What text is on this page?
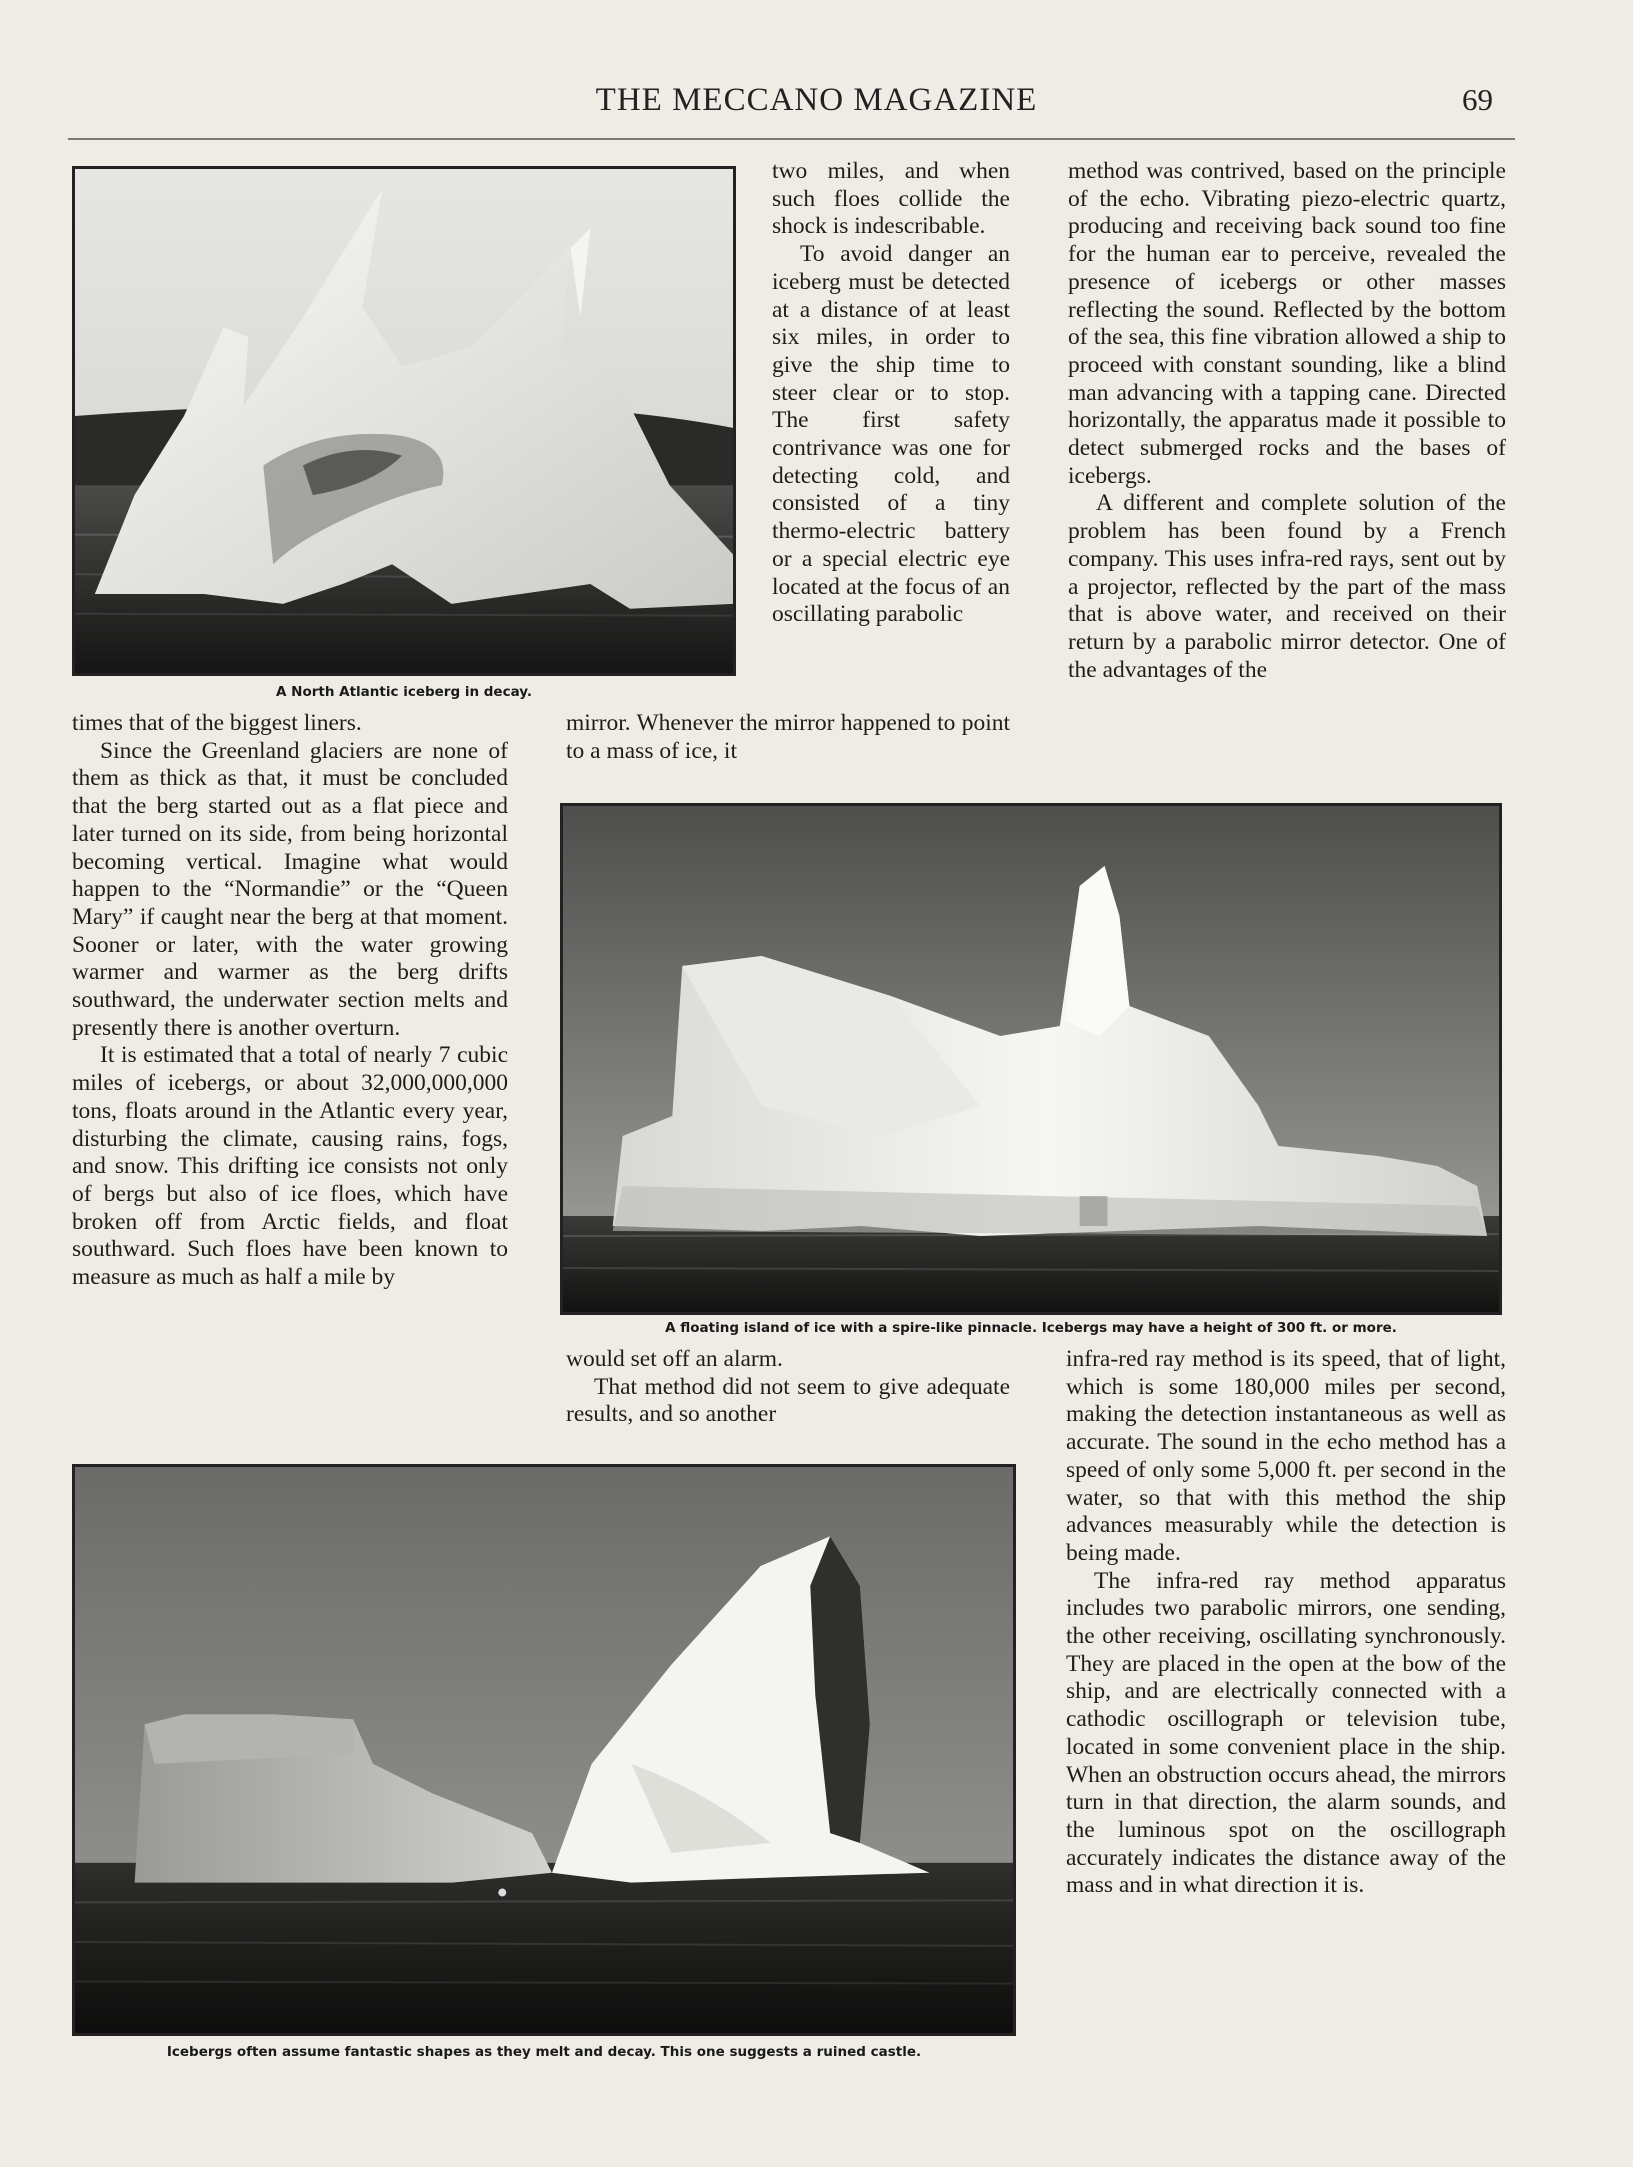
THE MECCANO MAGAZINE	69
A North Atlantic iceberg in decay.

times that of the biggest liners.

Since the Greenland glaciers are none of them as thick as that, it must be concluded that the berg started out as a flat piece and later turned on its side, from being horizontal becoming vertical. Imagine what would happen to the “Normandie” or the “Queen Mary” if caught near the berg at that moment. Sooner or later, with the water growing warmer and warmer as the berg drifts southward, the underwater section melts and presently there is another overturn.

It is estimated that a total of nearly 7 cubic miles of icebergs, or about 32,000,000,000 tons, floats around in the Atlantic every year, disturbing the climate, causing rains, fogs, and snow. This drifting ice consists not only of bergs but also of ice floes, which have broken off from Arctic fields, and float southward. Such floes have been known to measure as much as half a mile by

two miles, and when such floes collide the shock is indescribable.

To avoid danger an iceberg must be detected at a distance of at least six miles, in order to give the ship time to steer clear or to stop. The first safety contrivance was one for detecting cold, and consisted of a tiny thermo-electric battery or a special electric eye located at the focus of an oscillating parabolic

mirror. Whenever the mirror happened to point to a mass of ice, it

method was contrived, based on the principle of the echo. Vibrating piezo-electric quartz, producing and receiving back sound too fine for the human ear to perceive, revealed the presence of icebergs or other masses reflecting the sound. Reflected by the bottom of the sea, this fine vibration allowed a ship to proceed with constant sounding, like a blind man advancing with a tapping cane. Directed horizontally, the apparatus made it possible to detect submerged rocks and the bases of icebergs.

A different and complete solution of the problem has been found by a French company. This uses infra-red rays, sent out by a projector, reflected by the part of the mass that is above water, and received on their return by a parabolic mirror detector. One of the advantages of the

A floating island of ice with a spire-like pinnacle. Icebergs may have a height of 300 ft. or more.

would set off an alarm.

That method did not seem to give adequate results, and so another

infra-red ray method is its speed, that of light, which is some 180,000 miles per second, making the detection instantaneous as well as accurate. The sound in the echo method has a speed of only some 5,000 ft. per second in the water, so that with this method the ship advances measurably while the detection is being made.

The infra-red ray method apparatus includes two parabolic mirrors, one sending, the other receiving, oscillating synchronously. They are placed in the open at the bow of the ship, and are electrically connected with a cathodic oscillograph or television tube, located in some convenient place in the ship. When an obstruction occurs ahead, the mirrors turn in that direction, the alarm sounds, and the luminous spot on the oscillograph accurately indicates the distance away of the mass and in what direction it is.

Icebergs often assume fantastic shapes as they melt and decay. This one suggests a ruined castle.
